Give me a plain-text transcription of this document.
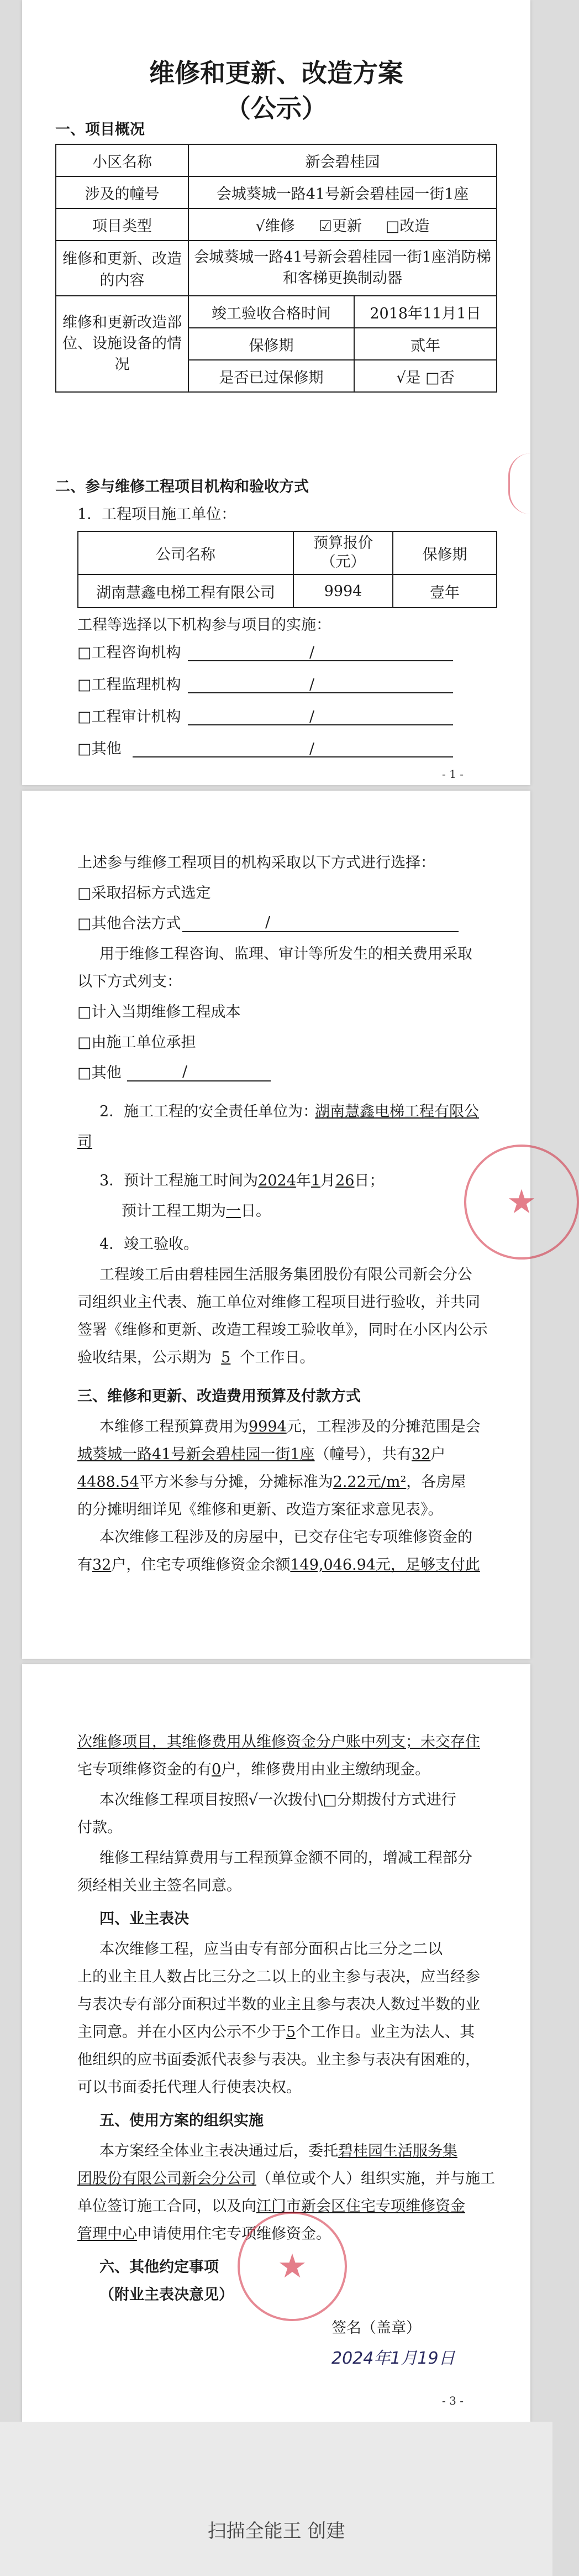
维修和更新、改造方案
（公示）
一、项目概况
小区名称	新会碧桂园	
涉及的幢号	会城葵城一路41号新会碧桂园一街1座	
项目类型	√维修 ☑更新 □改造	
维修和更新、改造的内容	会城葵城一路41号新会碧桂园一街1座消防梯和客梯更换制动器	
维修和更新改造部位、设施设备的情况	竣工验收合格时间	2018年11月1日
	保修期	贰年
	是否已过保修期	√是 □否
二、参与维修工程项目机构和验收方式
1．工程项目施工单位：
公司名称	预算报价（元）	保修期
湖南慧鑫电梯工程有限公司	9994	壹年
工程等选择以下机构参与项目的实施：
□工程咨询机构	/
□工程监理机构	/
□工程审计机构	/
□其他	/
- 1 -
上述参与维修工程项目的机构采取以下方式进行选择：
□采取招标方式选定
□其他合法方式	/
用于维修工程咨询、监理、审计等所发生的相关费用采取
以下方式列支：
□计入当期维修工程成本
□由施工单位承担
□其他	/
2．施工工程的安全责任单位为：
湖南慧鑫电梯工程有限公
司
3．预计工程施工时间为2024年1月26日；
预计工程工期为一日。
4．竣工验收。
工程竣工后由碧桂园生活服务集团股份有限公司新会分公
司组织业主代表、施工单位对维修工程项目进行验收，并共同
签署《维修和更新、改造工程竣工验收单》，同时在小区内公示
验收结果，公示期为 5 个工作日。
三、维修和更新、改造费用预算及付款方式
本维修工程预算费用为9994元，工程涉及的分摊范围是会
城葵城一路41号新会碧桂园一街1座（幢号），共有32户
4488.54平方米参与分摊，分摊标准为2.22元/m²，各房屋
的分摊明细详见《维修和更新、改造方案征求意见表》。
本次维修工程涉及的房屋中，已交存住宅专项维修资金的
有32户，住宅专项维修资金余额149,046.94元，足够支付此
★
次维修项目，其维修费用从维修资金分户账中列支；未交存住
宅专项维修资金的有0户，维修费用由业主缴纳现金。
本次维修工程项目按照√一次拨付\□分期拨付方式进行
付款。
维修工程结算费用与工程预算金额不同的，增减工程部分
须经相关业主签名同意。
四、业主表决
本次维修工程，应当由专有部分面积占比三分之二以
上的业主且人数占比三分之二以上的业主参与表决，应当经参
与表决专有部分面积过半数的业主且参与表决人数过半数的业
主同意。并在小区内公示不少于5个工作日。业主为法人、其
他组织的应书面委派代表参与表决。业主参与表决有困难的，
可以书面委托代理人行使表决权。
五、使用方案的组织实施
本方案经全体业主表决通过后，委托碧桂园生活服务集
团股份有限公司新会分公司（单位或个人）组织实施，并与施工
单位签订施工合同，以及向江门市新会区住宅专项维修资金
管理中心申请使用住宅专项维修资金。
六、其他约定事项
（附业主表决意见）
★
签名（盖章）
2024年1月19日
- 3 -
扫描全能王 创建
